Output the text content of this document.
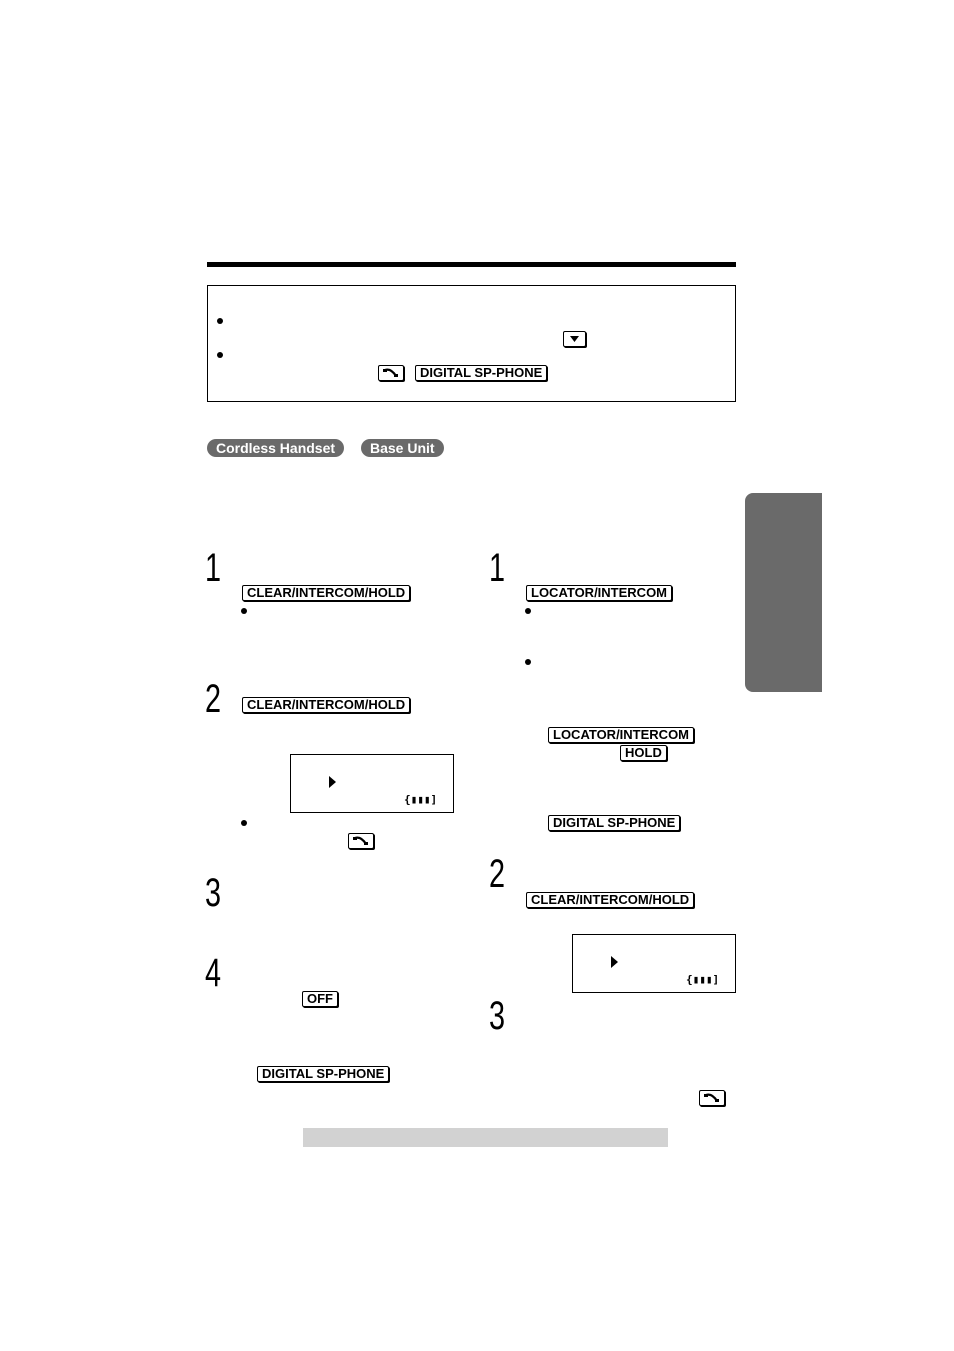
DIGITAL SP-PHONE
Cordless Handset	Base Unit
1
CLEAR/INTERCOM/HOLD
2	CLEAR/INTERCOM/HOLD
{▮▮▮]
3
4
OFF
DIGITAL SP-PHONE
1
LOCATOR/INTERCOM
LOCATOR/INTERCOM
HOLD
DIGITAL SP-PHONE
2
CLEAR/INTERCOM/HOLD
{▮▮▮]
3
